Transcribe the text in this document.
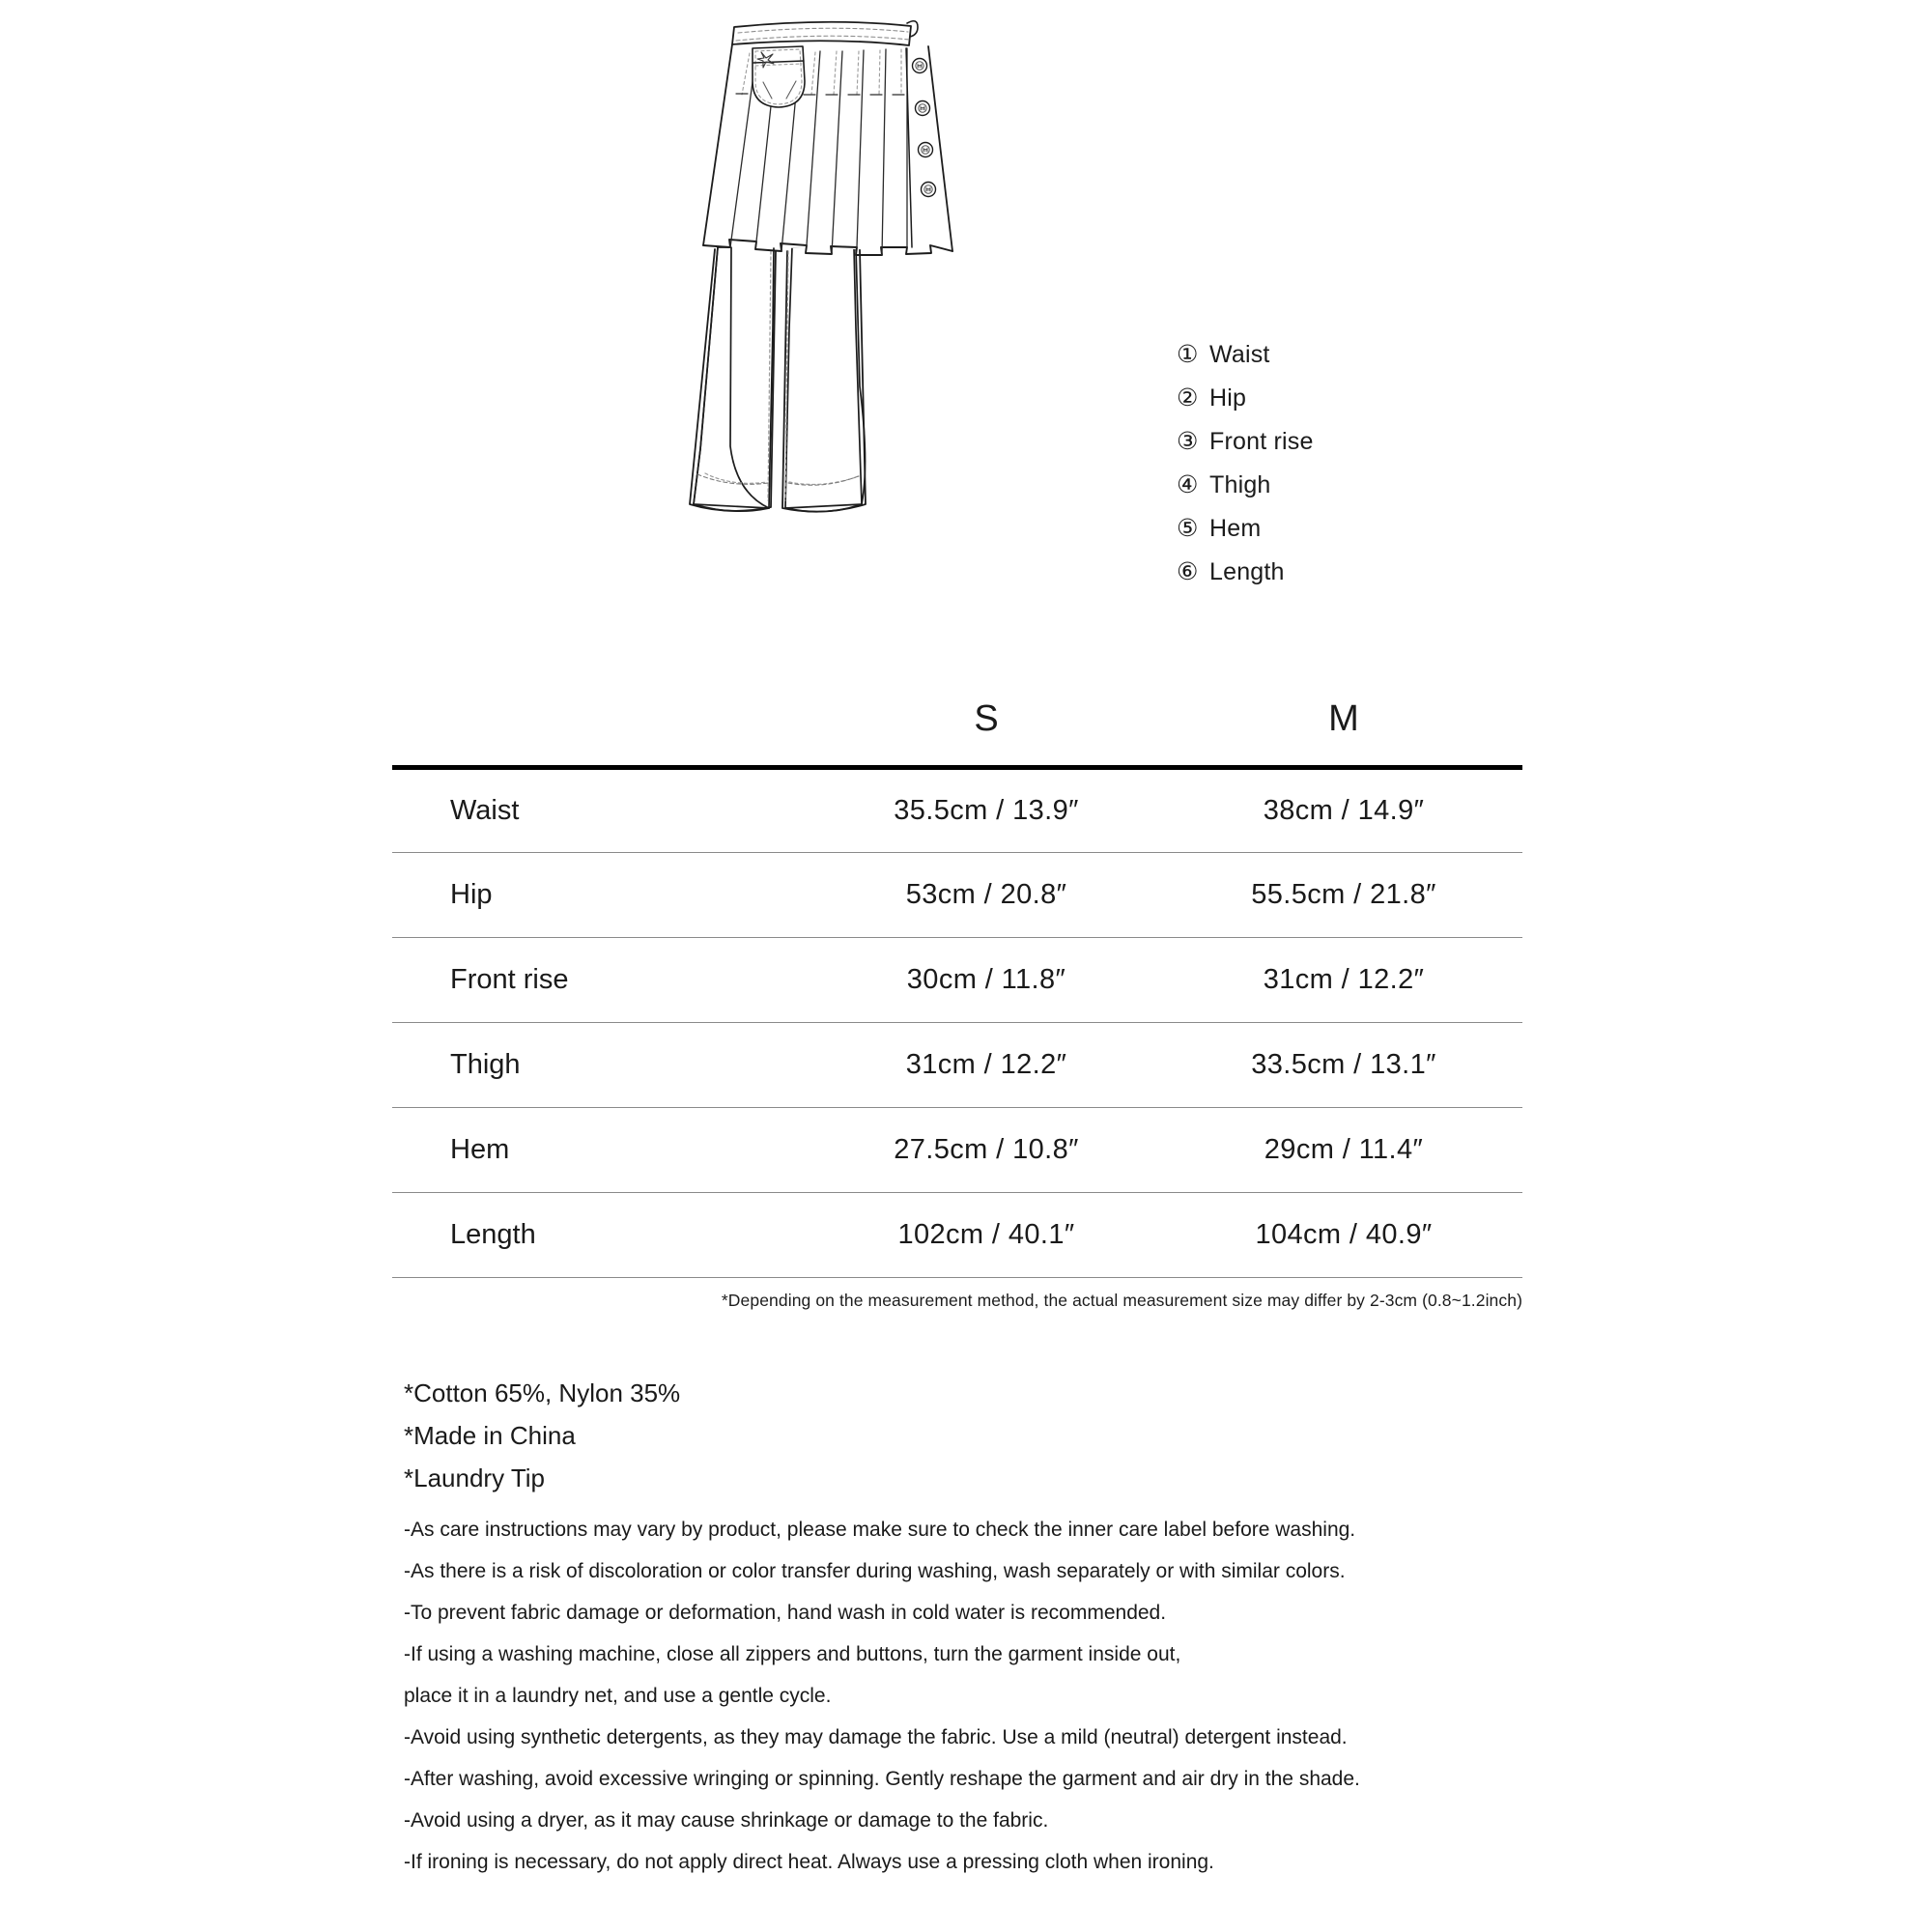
① Waist
② Hip
③ Front rise
④ Thigh
⑤ Hem
⑥ Length
	S	M
Waist	35.5cm / 13.9″	38cm / 14.9″
Hip	53cm / 20.8″	55.5cm / 21.8″
Front rise	30cm / 11.8″	31cm / 12.2″
Thigh	31cm / 12.2″	33.5cm / 13.1″
Hem	27.5cm / 10.8″	29cm / 11.4″
Length	102cm / 40.1″	104cm / 40.9″
*Depending on the measurement method, the actual measurement size may differ by 2-3cm (0.8~1.2inch)

*Cotton 65%, Nylon 35%

*Made in China

*Laundry Tip

-As care instructions may vary by product, please make sure to check the inner care label before washing.
-As there is a risk of discoloration or color transfer during washing, wash separately or with similar colors.
-To prevent fabric damage or deformation, hand wash in cold water is recommended.
-If using a washing machine, close all zippers and buttons, turn the garment inside out,
place it in a laundry net, and use a gentle cycle.
-Avoid using synthetic detergents, as they may damage the fabric. Use a mild (neutral) detergent instead.
-After washing, avoid excessive wringing or spinning. Gently reshape the garment and air dry in the shade.
-Avoid using a dryer, as it may cause shrinkage or damage to the fabric.
-If ironing is necessary, do not apply direct heat. Always use a pressing cloth when ironing.
